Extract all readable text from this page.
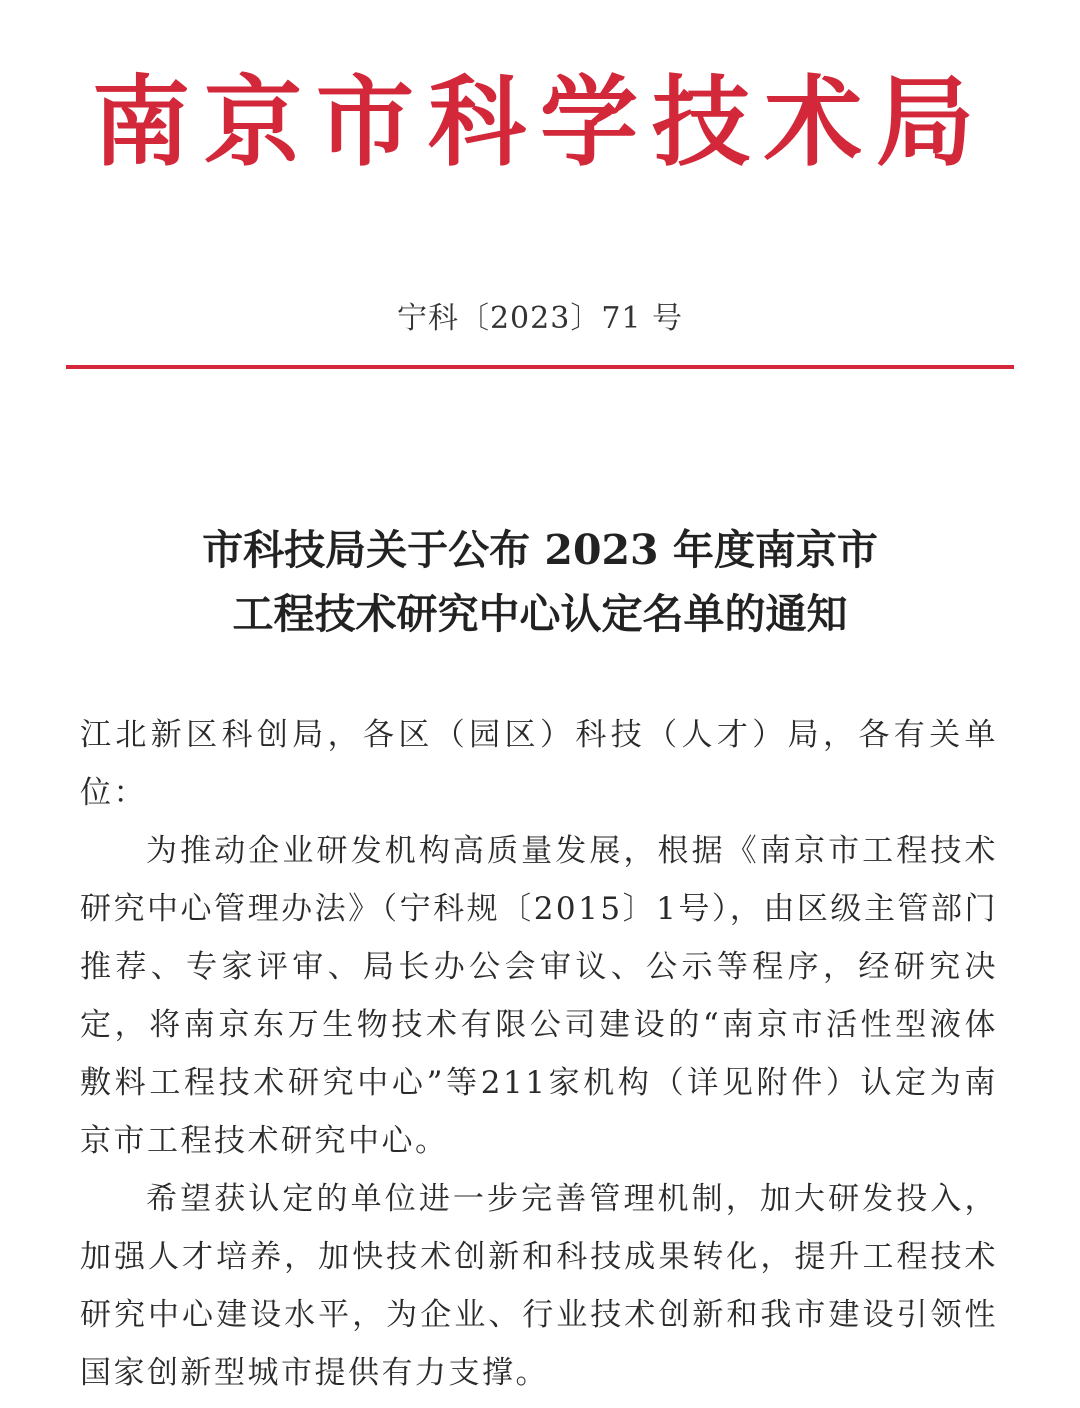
南京市科学技术局
宁科〔2023〕71 号
市科技局关于公布 2023 年度南京市
工程技术研究中心认定名单的通知

江北新区科创局，各区（园区）科技（人才）局，各有关单位：

为推动企业研发机构高质量发展，根据《南京市工程技术研究中心管理办法》（宁科规〔2015〕1号），由区级主管部门推荐、专家评审、局长办公会审议、公示等程序，经研究决定，将南京东万生物技术有限公司建设的“南京市活性型液体敷料工程技术研究中心”等211家机构（详见附件）认定为南京市工程技术研究中心。

希望获认定的单位进一步完善管理机制，加大研发投入，加强人才培养，加快技术创新和科技成果转化，提升工程技术研究中心建设水平，为企业、行业技术创新和我市建设引领性国家创新型城市提供有力支撑。
